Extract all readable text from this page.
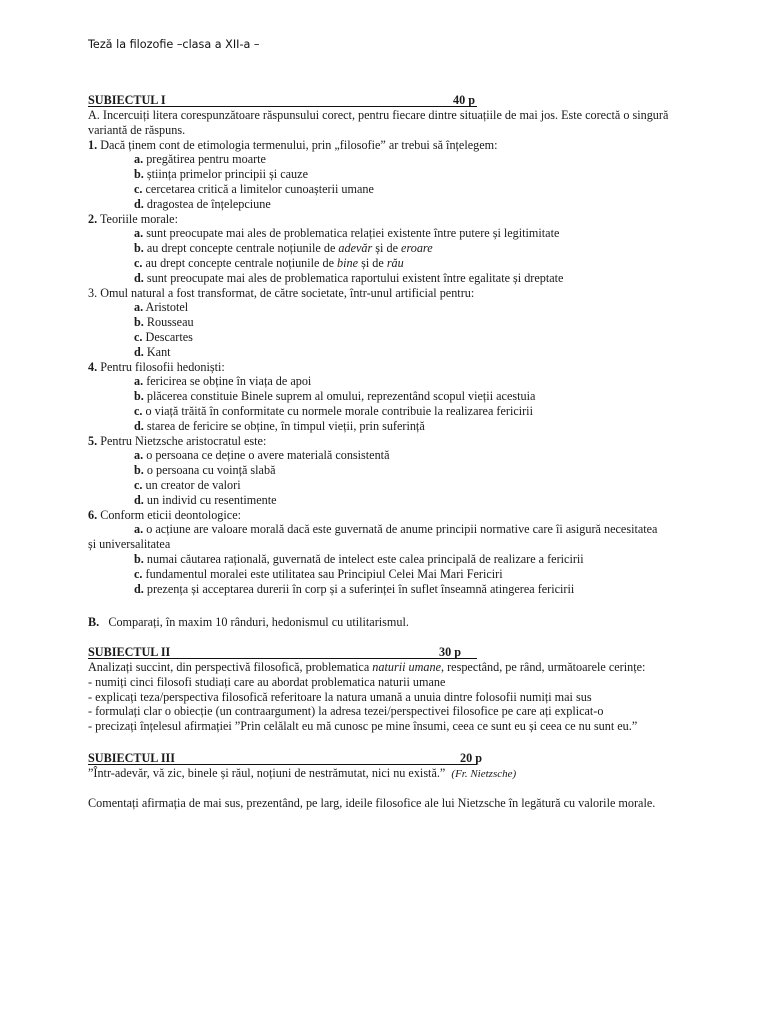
Teză la filozofie –clasa a XII-a –
SUBIECTUL I	40 p
A. Incercuiți litera corespunzătoare răspunsului corect, pentru fiecare dintre situațiile de mai jos. Este corectă o singură variantă de răspuns.
1. Dacă ținem cont de etimologia termenului, prin „filosofie” ar trebui să înțelegem:
a. pregătirea pentru moarte
b. știința primelor principii și cauze
c. cercetarea critică a limitelor cunoașterii umane
d. dragostea de înțelepciune
2. Teoriile morale:
a. sunt preocupate mai ales de problematica relației existente între putere și legitimitate
b. au drept concepte centrale noțiunile de adevăr și de eroare
c. au drept concepte centrale noțiunile de bine și de rău
d. sunt preocupate mai ales de problematica raportului existent între egalitate și dreptate
3. Omul natural a fost transformat, de către societate, într-unul artificial pentru:
a. Aristotel
b. Rousseau
c. Descartes
d. Kant
4. Pentru filosofii hedoniști:
a. fericirea se obține în viața de apoi
b. plăcerea constituie Binele suprem al omului, reprezentând scopul vieții acestuia
c. o viață trăită în conformitate cu normele morale contribuie la realizarea fericirii
d. starea de fericire se obține, în timpul vieții, prin suferință
5. Pentru Nietzsche aristocratul este:
a. o persoana ce deține o avere materială consistentă
b. o persoana cu voință slabă
c. un creator de valori
d. un individ cu resentimente
6. Conform eticii deontologice:
a. o acțiune are valoare morală dacă este guvernată de anume principii normative care îi asigură necesitatea
și universalitatea
b. numai căutarea rațională, guvernată de intelect este calea principală de realizare a fericirii
c. fundamentul moralei este utilitatea sau Principiul Celei Mai Mari Fericiri
d. prezența și acceptarea durerii în corp și a suferinței în suflet înseamnă atingerea fericirii
B. Comparați, în maxim 10 rânduri, hedonismul cu utilitarismul.
SUBIECTUL II	30 p
Analizați succint, din perspectivă filosofică, problematica naturii umane, respectând, pe rând, următoarele cerințe:
- numiți cinci filosofi studiați care au abordat problematica naturii umane
- explicați teza/perspectiva filosofică referitoare la natura umană a unuia dintre folosofii numiți mai sus
- formulați clar o obiecție (un contraargument) la adresa tezei/perspectivei filosofice pe care ați explicat-o
- precizați înțelesul afirmației ”Prin celălalt eu mă cunosc pe mine însumi, ceea ce sunt eu și ceea ce nu sunt eu.”
SUBIECTUL III	20 p
”Într-adevăr, vă zic, binele și răul, noțiuni de nestrămutat, nici nu există.” (Fr. Nietzsche)
Comentați afirmația de mai sus, prezentând, pe larg, ideile filosofice ale lui Nietzsche în legătură cu valorile morale.
